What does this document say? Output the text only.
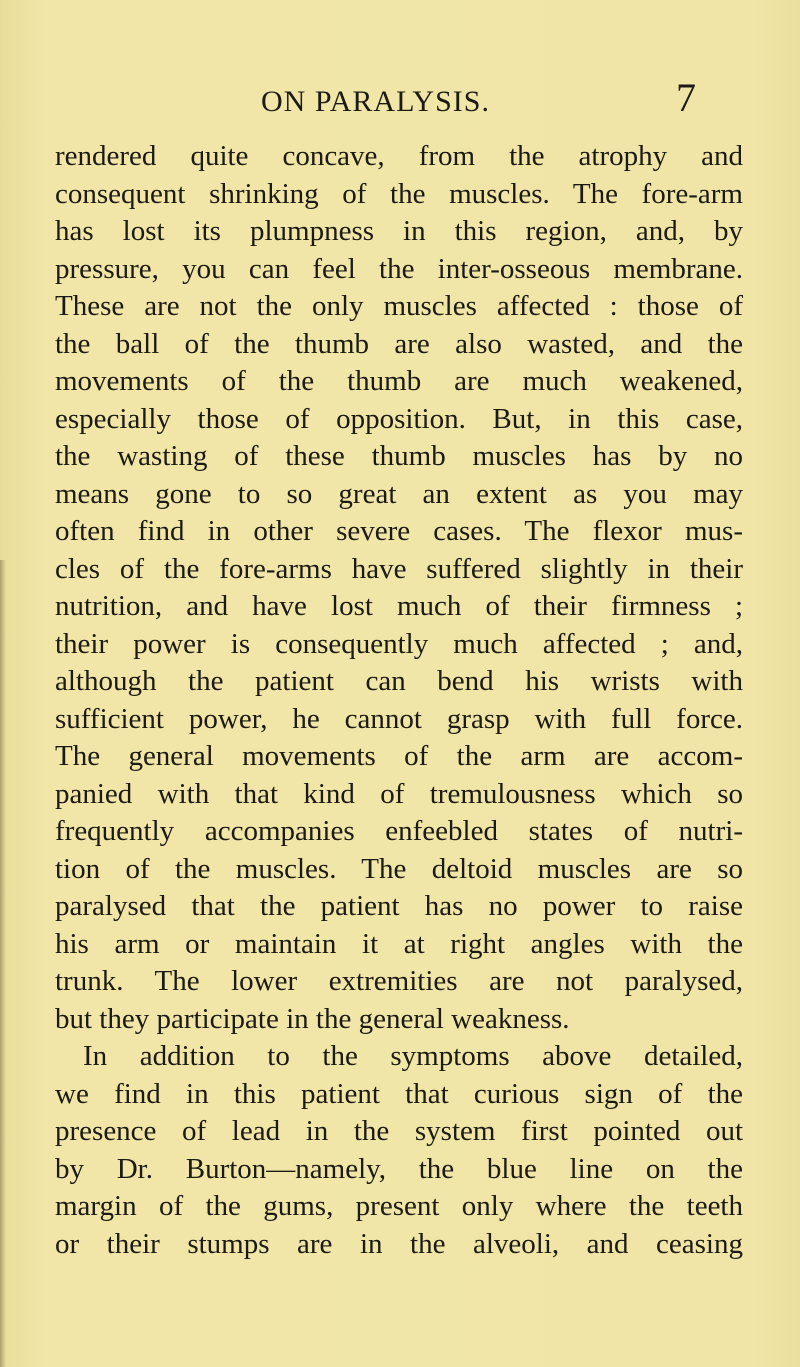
ON PARALYSIS.	7
rendered quite concave, from the atrophy and
consequent shrinking of the muscles. The fore-arm
has lost its plumpness in this region, and, by
pressure, you can feel the inter-osseous membrane.
These are not the only muscles affected : those of
the ball of the thumb are also wasted, and the
movements of the thumb are much weakened,
especially those of opposition. But, in this case,
the wasting of these thumb muscles has by no
means gone to so great an extent as you may
often find in other severe cases. The flexor mus-
cles of the fore-arms have suffered slightly in their
nutrition, and have lost much of their firmness ;
their power is consequently much affected ; and,
although the patient can bend his wrists with
sufficient power, he cannot grasp with full force.
The general movements of the arm are accom-
panied with that kind of tremulousness which so
frequently accompanies enfeebled states of nutri-
tion of the muscles. The deltoid muscles are so
paralysed that the patient has no power to raise
his arm or maintain it at right angles with the
trunk. The lower extremities are not paralysed,
but they participate in the general weakness.
In addition to the symptoms above detailed,
we find in this patient that curious sign of the
presence of lead in the system first pointed out
by Dr. Burton—namely, the blue line on the
margin of the gums, present only where the teeth
or their stumps are in the alveoli, and ceasing
